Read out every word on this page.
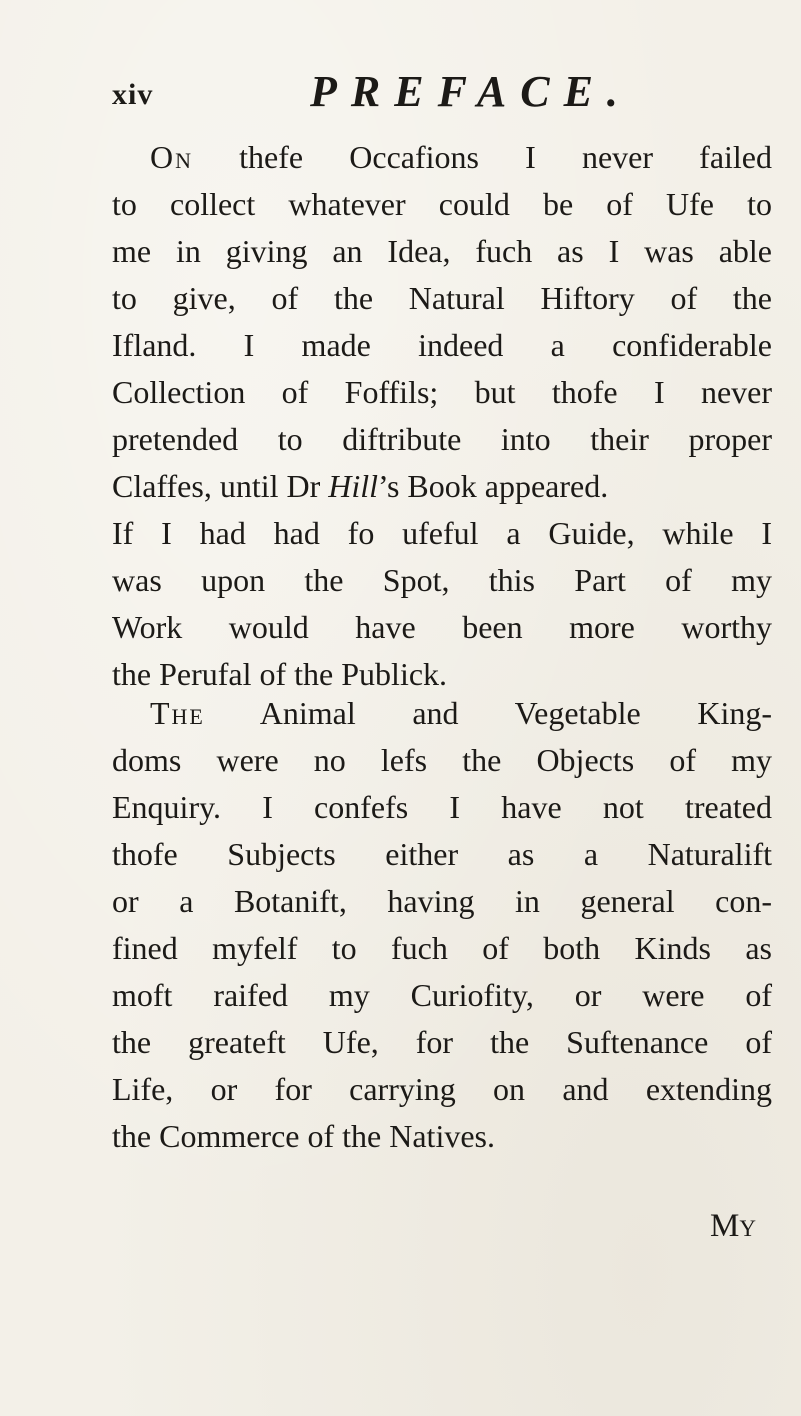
xiv	PREFACE.
On thefe Occafions I never failed
to collect whatever could be of Ufe to
me in giving an Idea, fuch as I was able
to give, of the Natural Hiftory of the
Ifland. I made indeed a confiderable
Collection of Foffils; but thofe I never
pretended to diftribute into their proper
Claffes, until Dr Hill’s Book appeared.
If I had had fo ufeful a Guide, while I
was upon the Spot, this Part of my
Work would have been more worthy
the Perufal of the Publick.
The Animal and Vegetable King-
doms were no lefs the Objects of my
Enquiry. I confefs I have not treated
thofe Subjects either as a Naturalift
or a Botanift, having in general con-
fined myfelf to fuch of both Kinds as
moft raifed my Curiofity, or were of
the greateft Ufe, for the Suftenance of
Life, or for carrying on and extending
the Commerce of the Natives.
My
